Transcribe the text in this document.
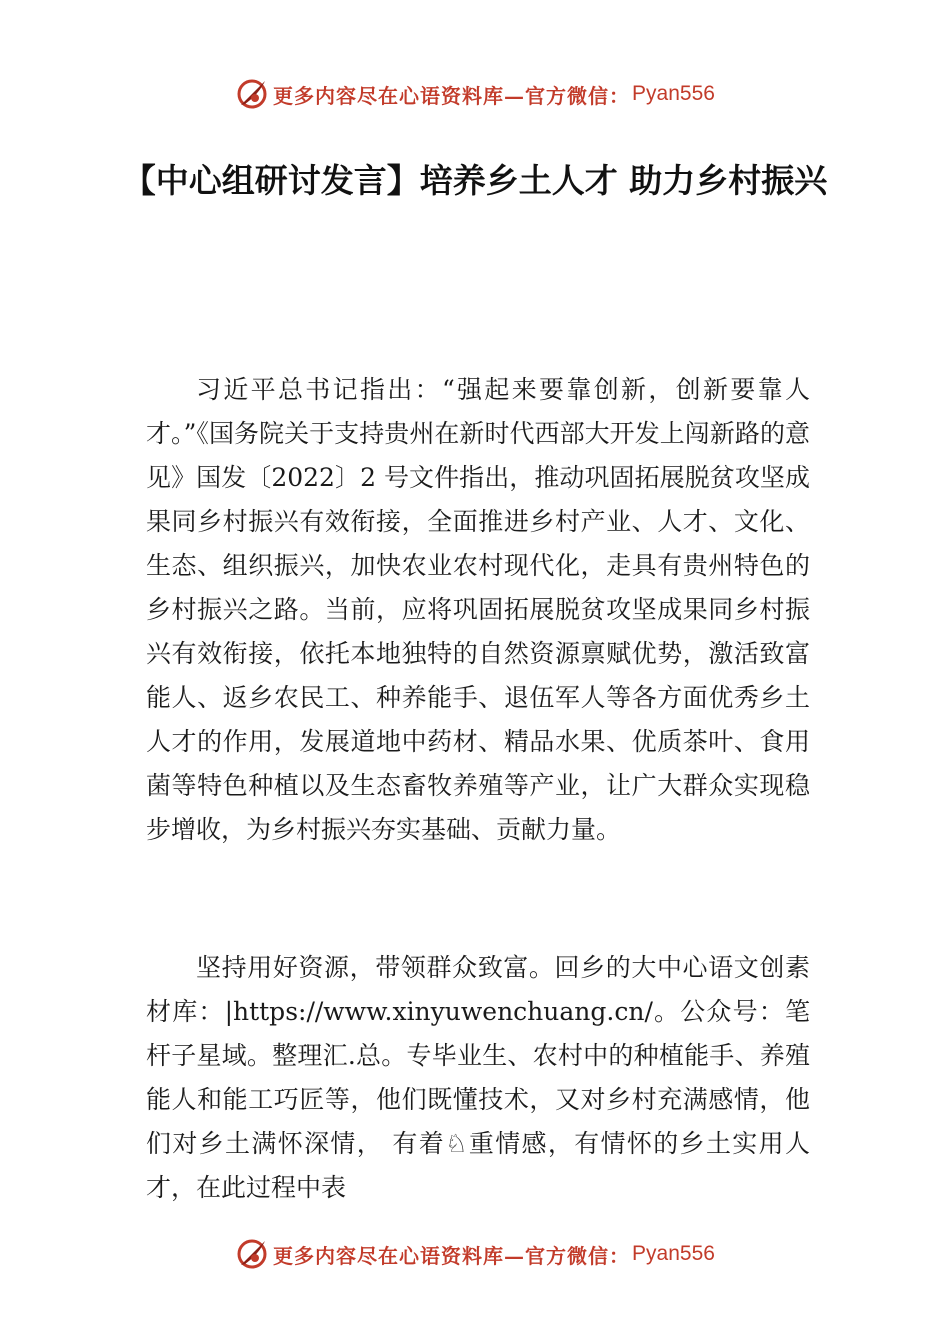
更多内容尽在心语资料库—官方微信： Pyan556
【中心组研讨发言】培养乡土人才 助力乡村振兴

习近平总书记指出：“强起来要靠创新，创新要靠人才。”《国务院关于支持贵州在新时代西部大开发上闯新路的意见》国发〔2022〕2 号文件指出，推动巩固拓展脱贫攻坚成果同乡村振兴有效衔接，全面推进乡村产业、人才、文化、生态、组织振兴，加快农业农村现代化，走具有贵州特色的乡村振兴之路。当前，应将巩固拓展脱贫攻坚成果同乡村振兴有效衔接，依托本地独特的自然资源禀赋优势，激活致富能人、返乡农民工、种养能手、退伍军人等各方面优秀乡土人才的作用，发展道地中药材、精品水果、优质茶叶、食用菌等特色种植以及生态畜牧养殖等产业，让广大群众实现稳步增收，为乡村振兴夯实基础、贡献力量。

坚持用好资源，带领群众致富。回乡的大中心语文创素材库：|https://www.xinyuwenchuang.cn/。公众号：笔杆子星域。整理汇.总。专毕业生、农村中的种植能手、养殖能人和能工巧匠等，他们既懂技术，又对乡村充满感情，他们对乡土满怀深情， 有着♘重情感，有情怀的乡土实用人才，在此过程中表

更多内容尽在心语资料库—官方微信： Pyan556
